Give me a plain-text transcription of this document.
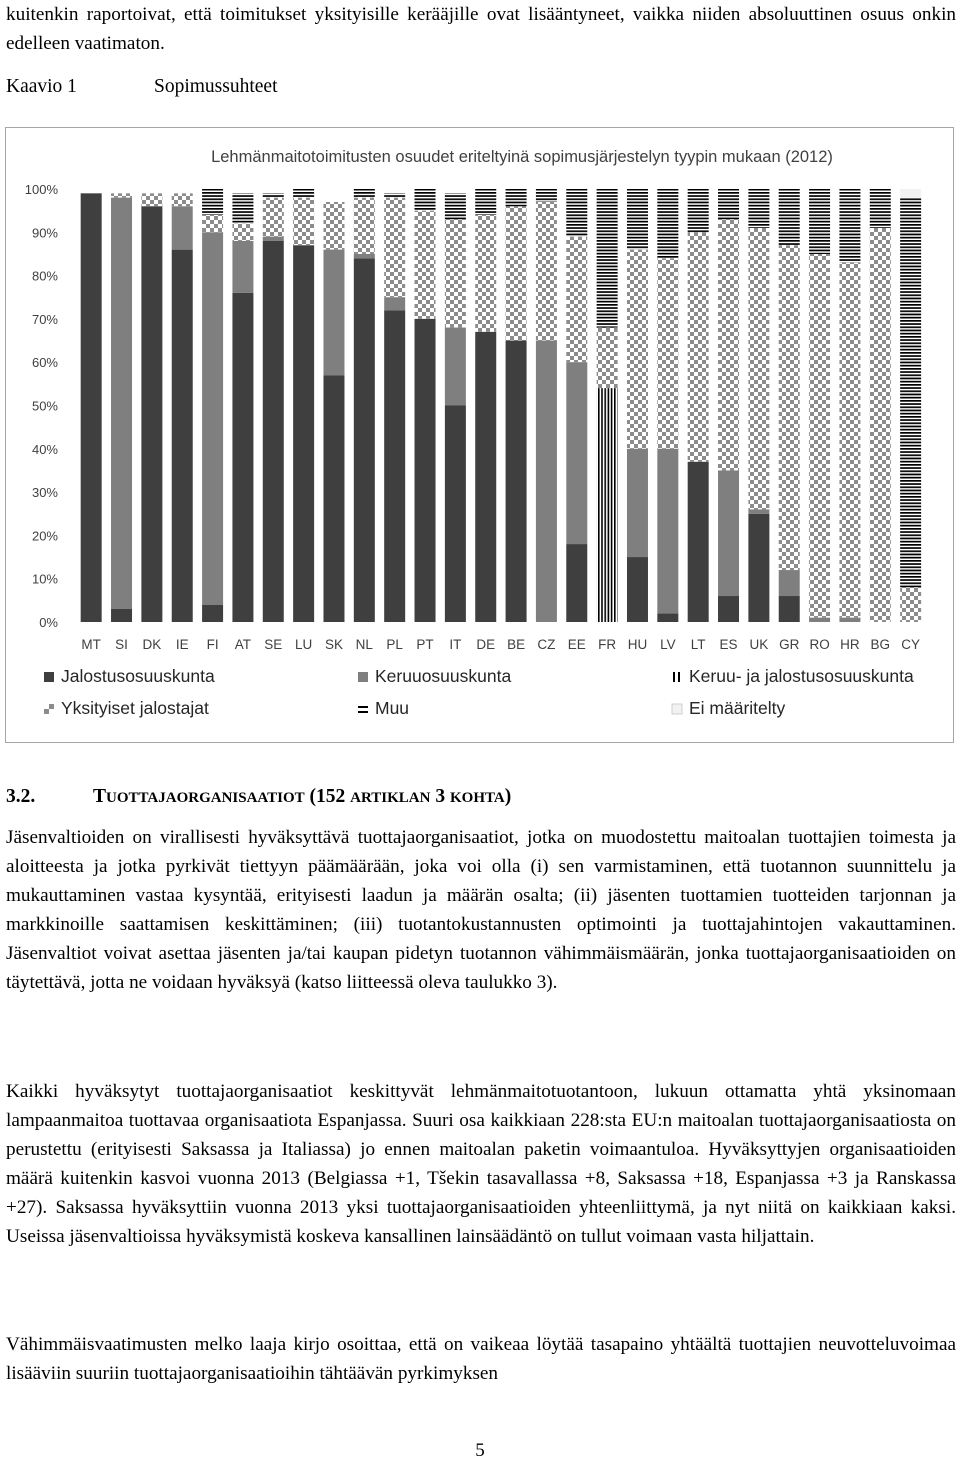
kuitenkin raportoivat, että toimitukset yksityisille kerääjille ovat lisääntyneet, vaikka niiden absoluuttinen osuus onkin edelleen vaatimaton.

Kaavio 1	Sopimussuhteet
Lehmänmaitotoimitusten osuudet eriteltyinä sopimusjärjestelyn tyypin mukaan (2012)
0%
10%
20%
30%
40%
50%
60%
70%
80%
90%
100%
MT SI DK IE FI AT SE LU SK NL PL PT IT DE BE CZ EE FR HU LV LT ES UK GR RO HR BG CY
Jalostusosuuskunta	Keruuosuuskunta	Keruu- ja jalostusosuuskunta
Yksityiset jalostajat	Muu	Ei määritelty
3.2.	TUOTTAJAORGANISAATIOT (152 ARTIKLAN 3 KOHTA)

Jäsenvaltioiden on virallisesti hyväksyttävä tuottajaorganisaatiot, jotka on muodostettu maitoalan tuottajien toimesta ja aloitteesta ja jotka pyrkivät tiettyyn päämäärään, joka voi olla (i) sen varmistaminen, että tuotannon suunnittelu ja mukauttaminen vastaa kysyntää, erityisesti laadun ja määrän osalta; (ii) jäsenten tuottamien tuotteiden tarjonnan ja markkinoille saattamisen keskittäminen; (iii) tuotantokustannusten optimointi ja tuottajahintojen vakauttaminen. Jäsenvaltiot voivat asettaa jäsenten ja/tai kaupan pidetyn tuotannon vähimmäismäärän, jonka tuottajaorganisaatioiden on täytettävä, jotta ne voidaan hyväksyä (katso liitteessä oleva taulukko 3).

Kaikki hyväksytyt tuottajaorganisaatiot keskittyvät lehmänmaitotuotantoon, lukuun ottamatta yhtä yksinomaan lampaanmaitoa tuottavaa organisaatiota Espanjassa. Suuri osa kaikkiaan 228:sta EU:n maitoalan tuottajaorganisaatiosta on perustettu (erityisesti Saksassa ja Italiassa) jo ennen maitoalan paketin voimaantuloa. Hyväksyttyjen organisaatioiden määrä kuitenkin kasvoi vuonna 2013 (Belgiassa +1, Tšekin tasavallassa +8, Saksassa +18, Espanjassa +3 ja Ranskassa +27). Saksassa hyväksyttiin vuonna 2013 yksi tuottajaorganisaatioiden yhteenliittymä, ja nyt niitä on kaikkiaan kaksi. Useissa jäsenvaltioissa hyväksymistä koskeva kansallinen lainsäädäntö on tullut voimaan vasta hiljattain.

Vähimmäisvaatimusten melko laaja kirjo osoittaa, että on vaikeaa löytää tasapaino yhtäältä tuottajien neuvotteluvoimaa lisääviin suuriin tuottajaorganisaatioihin tähtäävän pyrkimyksen

5
